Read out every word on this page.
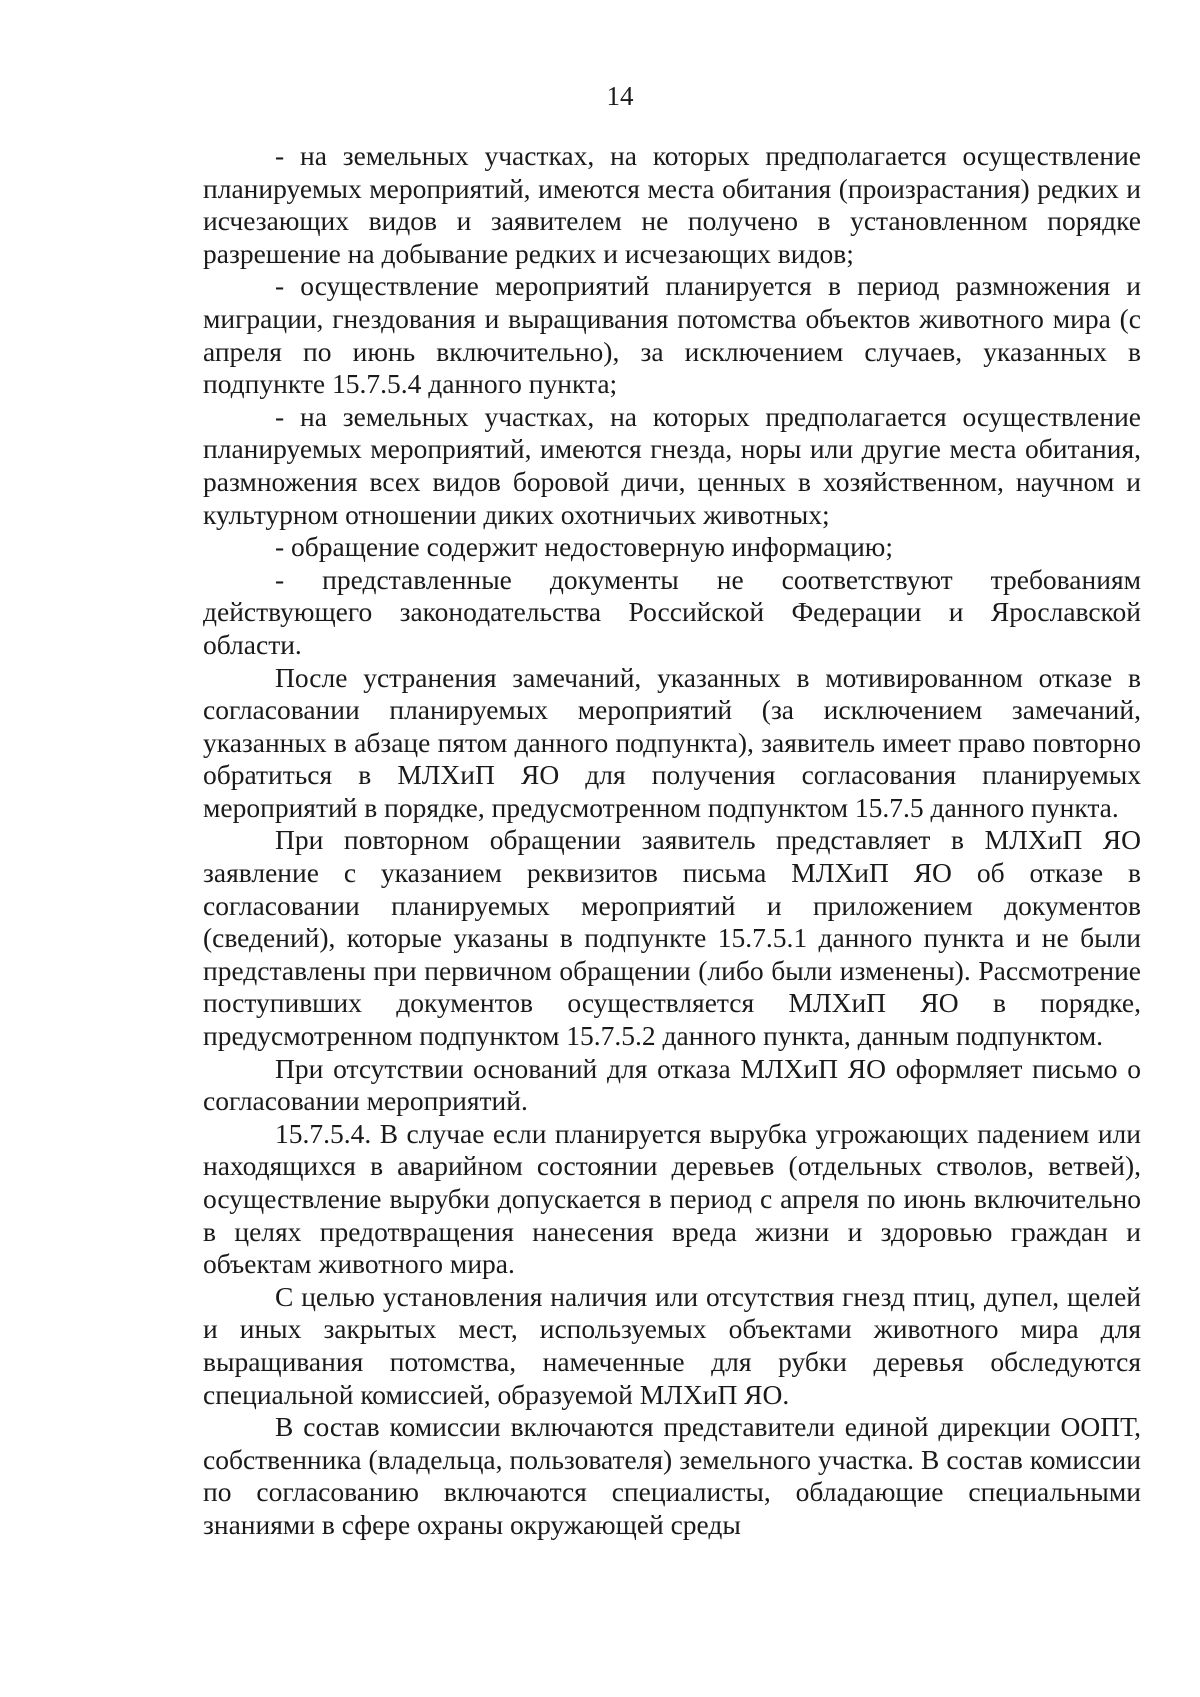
14

- на земельных участках, на которых предполагается осуществление планируемых мероприятий, имеются места обитания (произрастания) редких и исчезающих видов и заявителем не получено в установленном порядке разрешение на добывание редких и исчезающих видов;

- осуществление мероприятий планируется в период размножения и миграции, гнездования и выращивания потомства объектов животного мира (с апреля по июнь включительно), за исключением случаев, указанных в подпункте 15.7.5.4 данного пункта;

- на земельных участках, на которых предполагается осуществление планируемых мероприятий, имеются гнезда, норы или другие места обитания, размножения всех видов боровой дичи, ценных в хозяйственном, научном и культурном отношении диких охотничьих животных;

- обращение содержит недостоверную информацию;

- представленные документы не соответствуют требованиям действующего законодательства Российской Федерации и Ярославской области.

После устранения замечаний, указанных в мотивированном отказе в согласовании планируемых мероприятий (за исключением замечаний, указанных в абзаце пятом данного подпункта), заявитель имеет право повторно обратиться в МЛХиП ЯО для получения согласования планируемых мероприятий в порядке, предусмотренном подпунктом 15.7.5 данного пункта.

При повторном обращении заявитель представляет в МЛХиП ЯО заявление с указанием реквизитов письма МЛХиП ЯО об отказе в согласовании планируемых мероприятий и приложением документов (сведений), которые указаны в подпункте 15.7.5.1 данного пункта и не были представлены при первичном обращении (либо были изменены). Рассмотрение поступивших документов осуществляется МЛХиП ЯО в порядке, предусмотренном подпунктом 15.7.5.2 данного пункта, данным подпунктом.

При отсутствии оснований для отказа МЛХиП ЯО оформляет письмо о согласовании мероприятий.

15.7.5.4. В случае если планируется вырубка угрожающих падением или находящихся в аварийном состоянии деревьев (отдельных стволов, ветвей), осуществление вырубки допускается в период с апреля по июнь включительно в целях предотвращения нанесения вреда жизни и здоровью граждан и объектам животного мира.

С целью установления наличия или отсутствия гнезд птиц, дупел, щелей и иных закрытых мест, используемых объектами животного мира для выращивания потомства, намеченные для рубки деревья обследуются специальной комиссией, образуемой МЛХиП ЯО.

В состав комиссии включаются представители единой дирекции ООПТ, собственника (владельца, пользователя) земельного участка. В состав комиссии по согласованию включаются специалисты, обладающие специальными знаниями в сфере охраны окружающей среды
